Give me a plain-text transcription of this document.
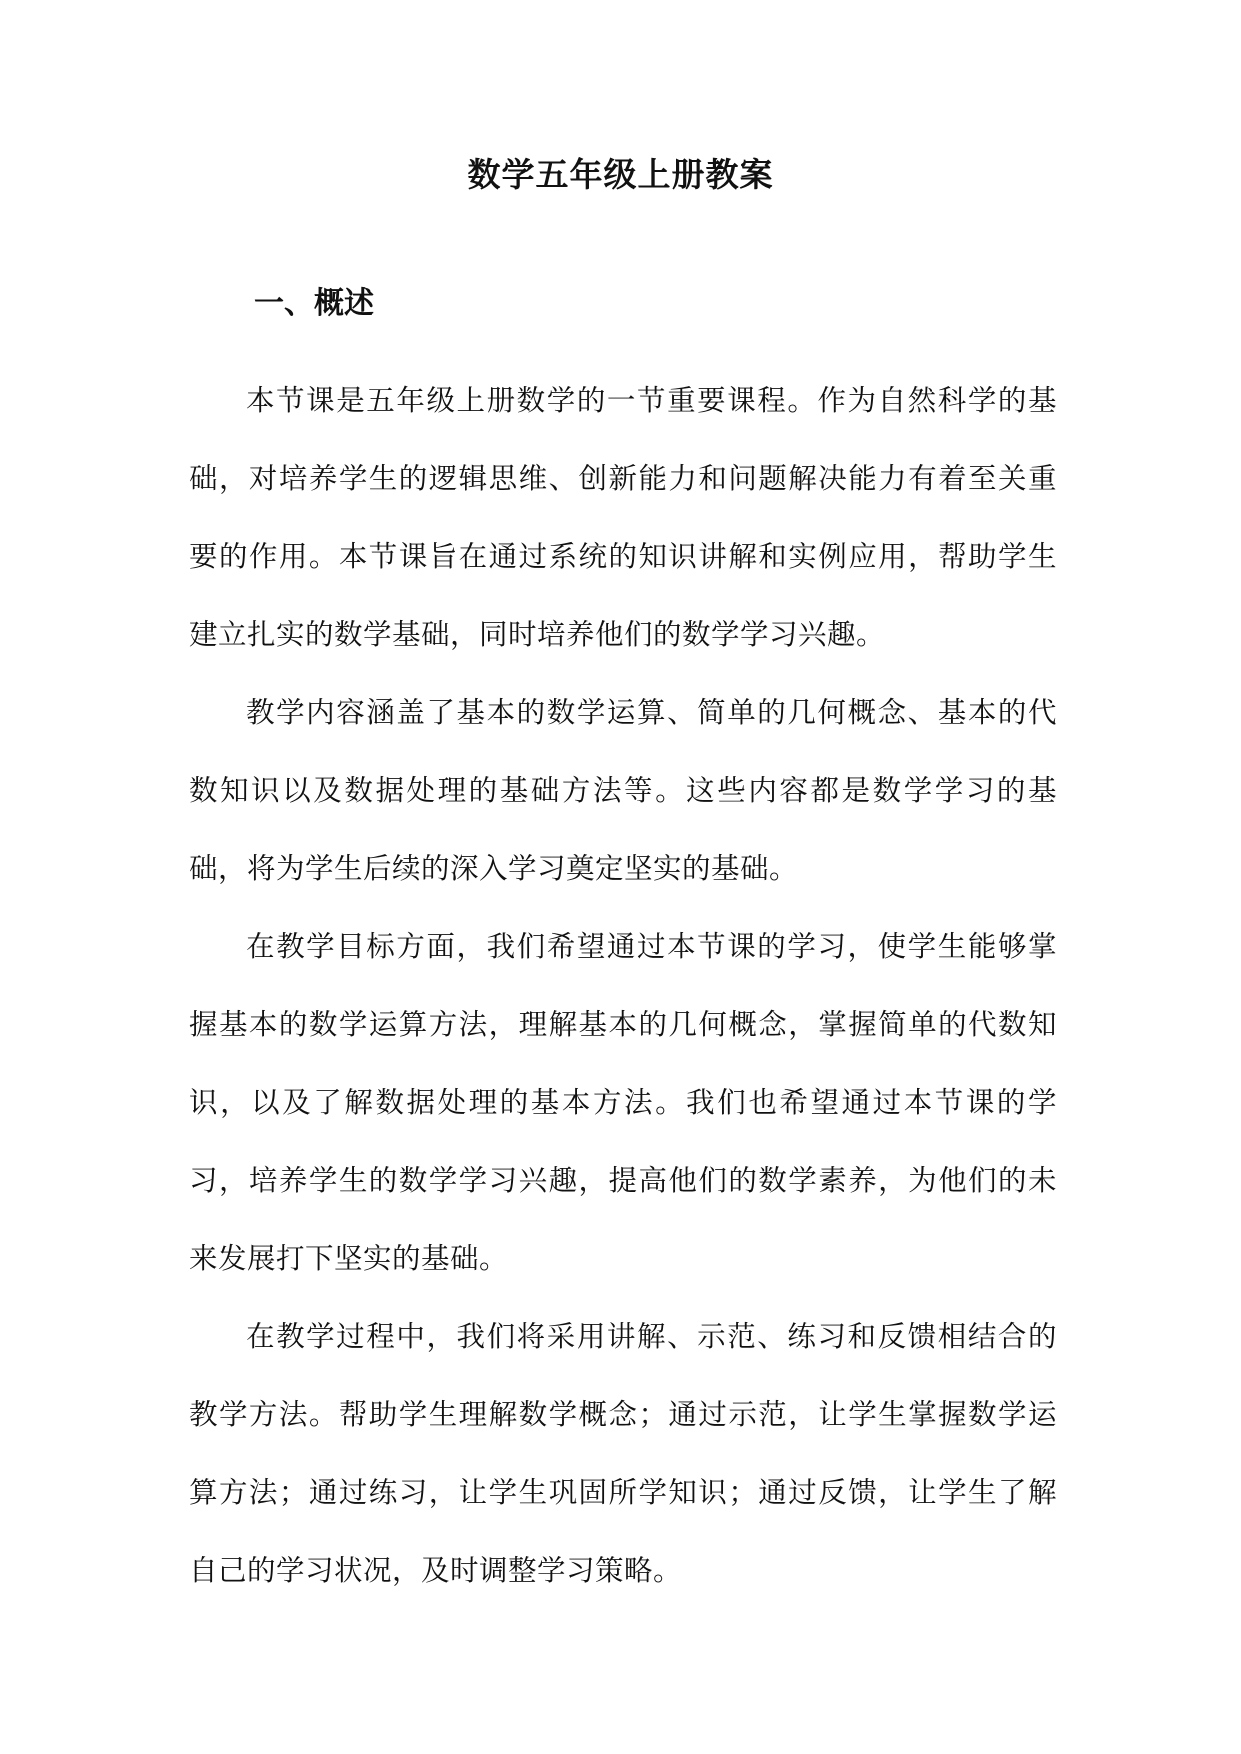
数学五年级上册教案
一、概述

本节课是五年级上册数学的一节重要课程。作为自然科学的基础，对培养学生的逻辑思维、创新能力和问题解决能力有着至关重要的作用。本节课旨在通过系统的知识讲解和实例应用，帮助学生建立扎实的数学基础，同时培养他们的数学学习兴趣。

教学内容涵盖了基本的数学运算、简单的几何概念、基本的代数知识以及数据处理的基础方法等。这些内容都是数学学习的基础，将为学生后续的深入学习奠定坚实的基础。

在教学目标方面，我们希望通过本节课的学习，使学生能够掌握基本的数学运算方法，理解基本的几何概念，掌握简单的代数知识，以及了解数据处理的基本方法。我们也希望通过本节课的学习，培养学生的数学学习兴趣，提高他们的数学素养，为他们的未来发展打下坚实的基础。

在教学过程中，我们将采用讲解、示范、练习和反馈相结合的教学方法。帮助学生理解数学概念；通过示范，让学生掌握数学运算方法；通过练习，让学生巩固所学知识；通过反馈，让学生了解自己的学习状况，及时调整学习策略。
